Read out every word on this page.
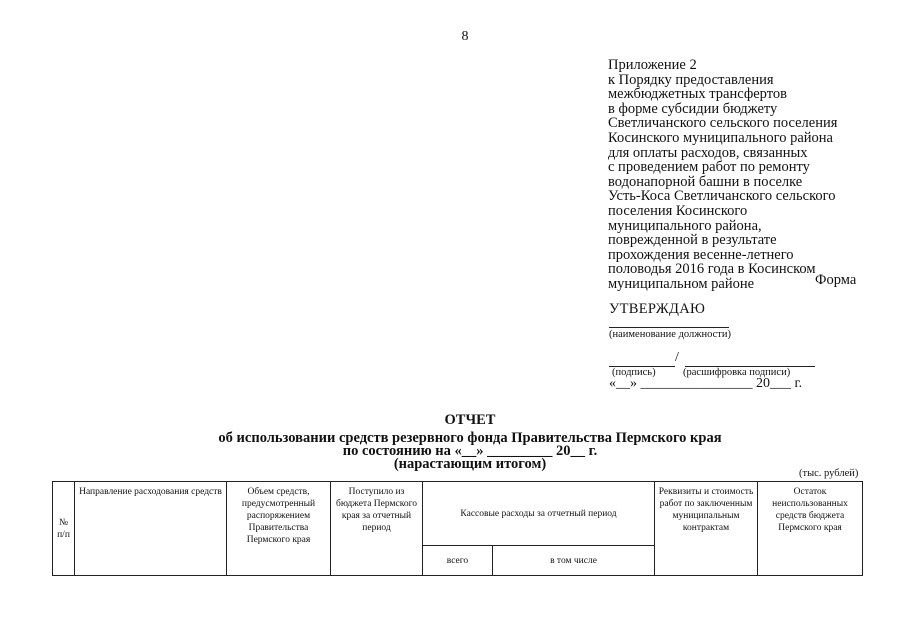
8
Приложение 2
к Порядку предоставления
межбюджетных трансфертов
в форме субсидии бюджету
Светличанского сельского поселения
Косинского муниципального района
для оплаты расходов, связанных
с проведением работ по ремонту
водонапорной башни в поселке
Усть-Коса Светличанского сельского
поселения Косинского
муниципального района,
поврежденной в результате
прохождения весенне-летнего
половодья 2016 года в Косинском
муниципальном районе	Форма
УТВЕРЖДАЮ
(наименование должности)
/
(подпись)	(расшифровка подписи)
«__» ________________ 20___ г.
ОТЧЕТ
об использовании средств резервного фонда Правительства Пермского края
по состоянию на «__» _________ 20__ г.
(нарастающим итогом)
(тыс. рублей)
№ п/п	Направление расходования средств	Объем средств, предусмотренный распоряжением Правительства Пермского края	Поступило из бюджета Пермского края за отчетный период	Кассовые расходы за отчетный период		Реквизиты и стоимость работ по заключенным муниципальным контрактам	Остаток неиспользованных средств бюджета Пермского края
				всего	в том числе		
